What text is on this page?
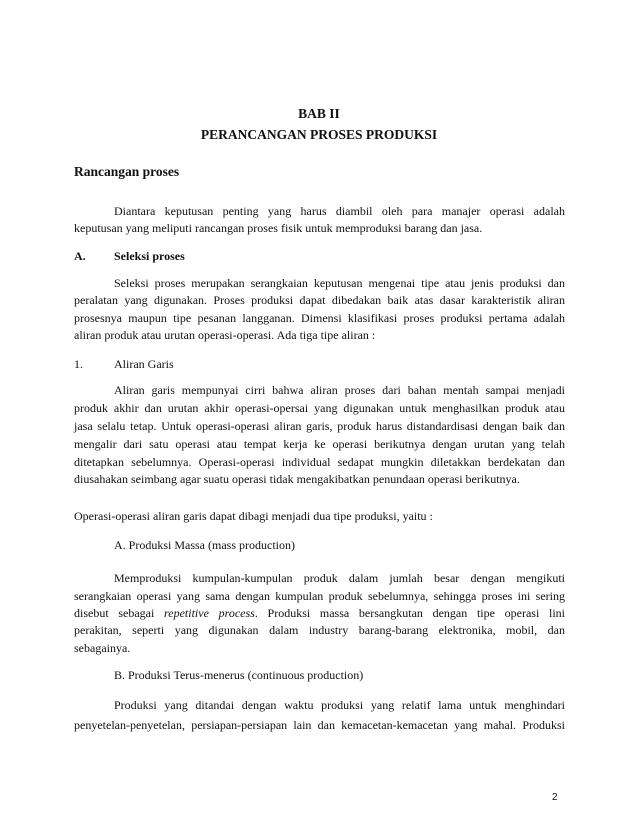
BAB II
PERANCANGAN PROSES PRODUKSI
Rancangan proses
Diantara keputusan penting yang harus diambil oleh para manajer operasi adalah
keputusan yang meliputi rancangan proses fisik untuk memproduksi barang dan jasa.
A. Seleksi proses
Seleksi proses merupakan serangkaian keputusan mengenai tipe atau jenis produksi dan
peralatan yang digunakan. Proses produksi dapat dibedakan baik atas dasar karakteristik aliran
prosesnya maupun tipe pesanan langganan. Dimensi klasifikasi proses produksi pertama adalah
aliran produk atau urutan operasi-operasi. Ada tiga tipe aliran :
1.	Aliran Garis
Aliran garis mempunyai cirri bahwa aliran proses dari bahan mentah sampai menjadi
produk akhir dan urutan akhir operasi-opersai yang digunakan untuk menghasilkan produk atau
jasa selalu tetap. Untuk operasi-operasi aliran garis, produk harus distandardisasi dengan baik dan
mengalir dari satu operasi atau tempat kerja ke operasi berikutnya dengan urutan yang telah
ditetapkan sebelumnya. Operasi-operasi individual sedapat mungkin diletakkan berdekatan dan
diusahakan seimbang agar suatu operasi tidak mengakibatkan penundaan operasi berikutnya.
Operasi-operasi aliran garis dapat dibagi menjadi dua tipe produksi, yaitu :
A. Produksi Massa (mass production)
Memproduksi kumpulan-kumpulan produk dalam jumlah besar dengan mengikuti
serangkaian operasi yang sama dengan kumpulan produk sebelumnya, sehingga proses ini sering
disebut sebagai repetitive process. Produksi massa bersangkutan dengan tipe operasi lini
perakitan, seperti yang digunakan dalam industry barang-barang elektronika, mobil, dan
sebagainya.
B. Produksi Terus-menerus (continuous production)
Produksi yang ditandai dengan waktu produksi yang relatif lama untuk menghindari
penyetelan-penyetelan, persiapan-persiapan lain dan kemacetan-kemacetan yang mahal. Produksi
2
